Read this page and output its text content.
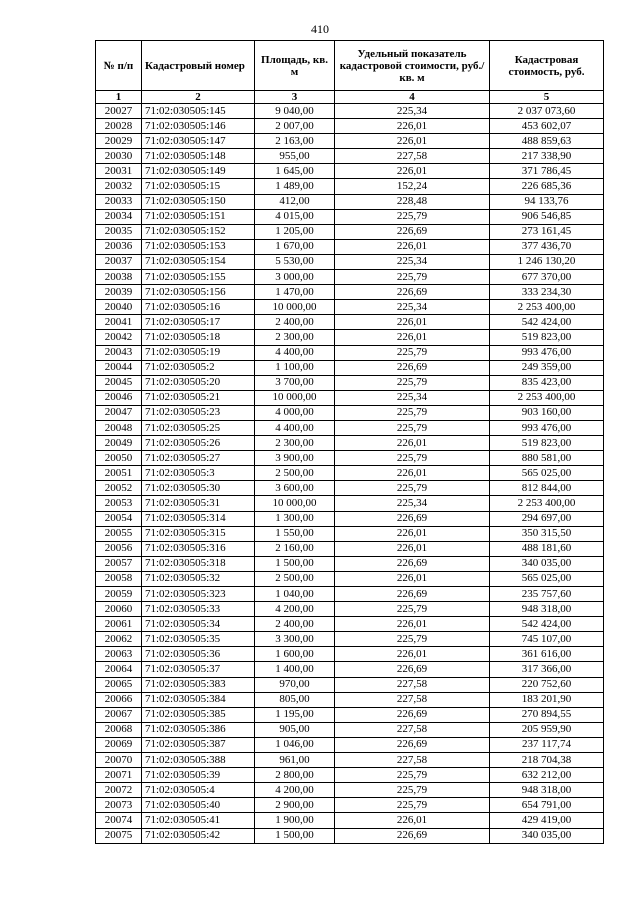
410
№ п/п	Кадастровый номер	Площадь, кв. м	Удельный показатель кадастровой стоимости, руб./кв. м	Кадастровая стоимость, руб.
1	2	3	4	5
20027	71:02:030505:145	9 040,00	225,34	2 037 073,60
20028	71:02:030505:146	2 007,00	226,01	453 602,07
20029	71:02:030505:147	2 163,00	226,01	488 859,63
20030	71:02:030505:148	955,00	227,58	217 338,90
20031	71:02:030505:149	1 645,00	226,01	371 786,45
20032	71:02:030505:15	1 489,00	152,24	226 685,36
20033	71:02:030505:150	412,00	228,48	94 133,76
20034	71:02:030505:151	4 015,00	225,79	906 546,85
20035	71:02:030505:152	1 205,00	226,69	273 161,45
20036	71:02:030505:153	1 670,00	226,01	377 436,70
20037	71:02:030505:154	5 530,00	225,34	1 246 130,20
20038	71:02:030505:155	3 000,00	225,79	677 370,00
20039	71:02:030505:156	1 470,00	226,69	333 234,30
20040	71:02:030505:16	10 000,00	225,34	2 253 400,00
20041	71:02:030505:17	2 400,00	226,01	542 424,00
20042	71:02:030505:18	2 300,00	226,01	519 823,00
20043	71:02:030505:19	4 400,00	225,79	993 476,00
20044	71:02:030505:2	1 100,00	226,69	249 359,00
20045	71:02:030505:20	3 700,00	225,79	835 423,00
20046	71:02:030505:21	10 000,00	225,34	2 253 400,00
20047	71:02:030505:23	4 000,00	225,79	903 160,00
20048	71:02:030505:25	4 400,00	225,79	993 476,00
20049	71:02:030505:26	2 300,00	226,01	519 823,00
20050	71:02:030505:27	3 900,00	225,79	880 581,00
20051	71:02:030505:3	2 500,00	226,01	565 025,00
20052	71:02:030505:30	3 600,00	225,79	812 844,00
20053	71:02:030505:31	10 000,00	225,34	2 253 400,00
20054	71:02:030505:314	1 300,00	226,69	294 697,00
20055	71:02:030505:315	1 550,00	226,01	350 315,50
20056	71:02:030505:316	2 160,00	226,01	488 181,60
20057	71:02:030505:318	1 500,00	226,69	340 035,00
20058	71:02:030505:32	2 500,00	226,01	565 025,00
20059	71:02:030505:323	1 040,00	226,69	235 757,60
20060	71:02:030505:33	4 200,00	225,79	948 318,00
20061	71:02:030505:34	2 400,00	226,01	542 424,00
20062	71:02:030505:35	3 300,00	225,79	745 107,00
20063	71:02:030505:36	1 600,00	226,01	361 616,00
20064	71:02:030505:37	1 400,00	226,69	317 366,00
20065	71:02:030505:383	970,00	227,58	220 752,60
20066	71:02:030505:384	805,00	227,58	183 201,90
20067	71:02:030505:385	1 195,00	226,69	270 894,55
20068	71:02:030505:386	905,00	227,58	205 959,90
20069	71:02:030505:387	1 046,00	226,69	237 117,74
20070	71:02:030505:388	961,00	227,58	218 704,38
20071	71:02:030505:39	2 800,00	225,79	632 212,00
20072	71:02:030505:4	4 200,00	225,79	948 318,00
20073	71:02:030505:40	2 900,00	225,79	654 791,00
20074	71:02:030505:41	1 900,00	226,01	429 419,00
20075	71:02:030505:42	1 500,00	226,69	340 035,00
